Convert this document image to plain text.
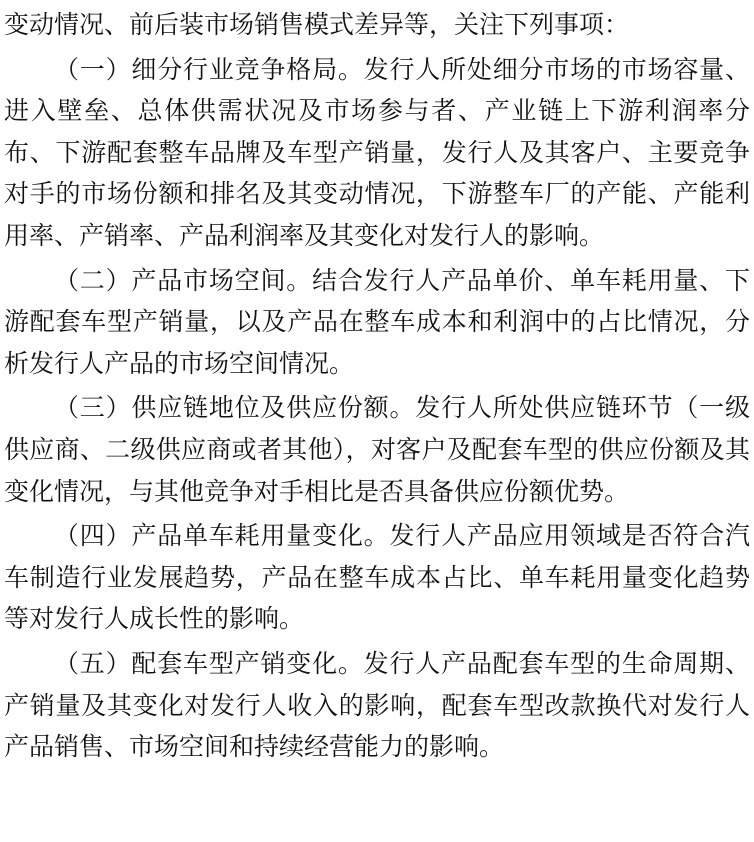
变动情况、前后装市场销售模式差异等，关注下列事项：

（一）细分行业竞争格局。发行人所处细分市场的市场容量、进入壁垒、总体供需状况及市场参与者、产业链上下游利润率分布、下游配套整车品牌及车型产销量，发行人及其客户、主要竞争对手的市场份额和排名及其变动情况，下游整车厂的产能、产能利用率、产销率、产品利润率及其变化对发行人的影响。

（二）产品市场空间。结合发行人产品单价、单车耗用量、下游配套车型产销量，以及产品在整车成本和利润中的占比情况，分析发行人产品的市场空间情况。

（三）供应链地位及供应份额。发行人所处供应链环节（一级供应商、二级供应商或者其他），对客户及配套车型的供应份额及其变化情况，与其他竞争对手相比是否具备供应份额优势。

（四）产品单车耗用量变化。发行人产品应用领域是否符合汽车制造行业发展趋势，产品在整车成本占比、单车耗用量变化趋势等对发行人成长性的影响。

（五）配套车型产销变化。发行人产品配套车型的生命周期、产销量及其变化对发行人收入的影响，配套车型改款换代对发行人产品销售、市场空间和持续经营能力的影响。
